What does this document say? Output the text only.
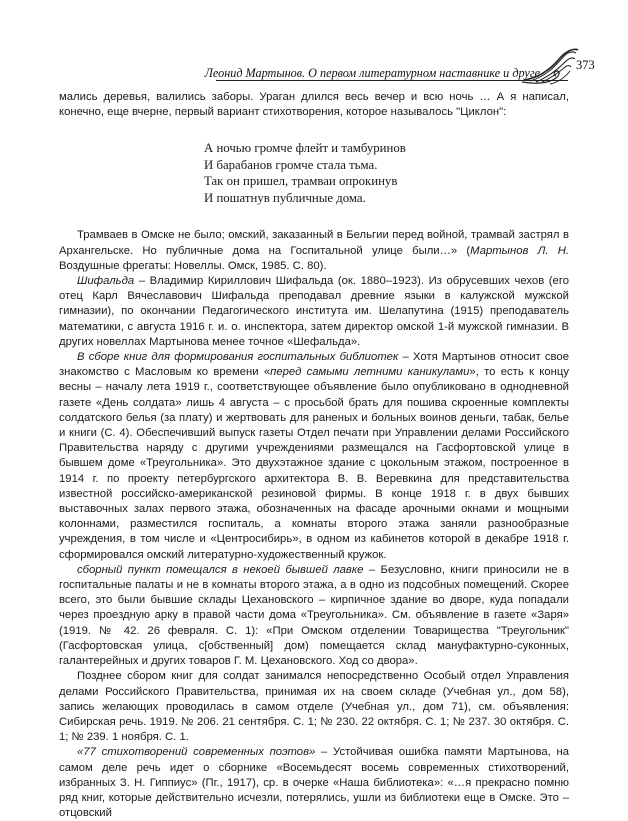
Леонид Мартынов. О первом литературном наставнике и друге
373

мались деревья, валились заборы. Ураган длился весь вечер и всю ночь … А я написал, конечно, еще вчерне, первый вариант стихотворения, которое называлось "Циклон":

А ночью громче флейт и тамбуринов
И барабанов громче стала тьма.
Так он пришел, трамваи опрокинув
И пошатнув публичные дома.

Трамваев в Омске не было; омский, заказанный в Бельгии перед войной, трамвай застрял в Архангельске. Но публичные дома на Госпитальной улице были…» (Мартынов Л. Н. Воздушные фрегаты: Новеллы. Омск, 1985. С. 80).

Шифальда – Владимир Кириллович Шифальда (ок. 1880–1923). Из обрусевших чехов (его отец Карл Вячеславович Шифальда преподавал древние языки в калужской мужской гимназии), по окончании Педагогического института им. Шелапутина (1915) преподаватель математики, с августа 1916 г. и. о. инспектора, затем директор омской 1-й мужской гимназии. В других новеллах Мартынова менее точное «Шефальда».

В сборе книг для формирования госпитальных библиотек – Хотя Мартынов относит свое знакомство с Масловым ко времени «перед самыми летними каникулами», то есть к концу весны – началу лета 1919 г., соответствующее объявление было опубликовано в однодневной газете «День солдата» лишь 4 августа – с просьбой брать для пошива скроенные комплекты солдатского белья (за плату) и жертвовать для раненых и больных воинов деньги, табак, белье и книги (С. 4). Обеспечивший выпуск газеты Отдел печати при Управлении делами Российского Правительства наряду с другими учреждениями размещался на Гасфортовской улице в бывшем доме «Треугольника». Это двухэтажное здание с цокольным этажом, построенное в 1914 г. по проекту петербургского архитектора В. В. Веревкина для представительства известной российско-американской резиновой фирмы. В конце 1918 г. в двух бывших выставочных залах первого этажа, обозначенных на фасаде арочными окнами и мощными колоннами, разместился госпиталь, а комнаты второго этажа заняли разнообразные учреждения, в том числе и «Центросибирь», в одном из кабинетов которой в декабре 1918 г. сформировался омский литературно-художественный кружок.

сборный пункт помещался в некоей бывшей лавке – Безусловно, книги приносили не в госпитальные палаты и не в комнаты второго этажа, а в одно из подсобных помещений. Скорее всего, это были бывшие склады Цехановского – кирпичное здание во дворе, куда попадали через проездную арку в правой части дома «Треугольника». См. объявление в газете «Заря» (1919. № 42. 26 февраля. С. 1): «При Омском отделении Товарищества "Треугольник" (Гасфортовская улица, с[обственный] дом) помещается склад мануфактурно-суконных, галантерейных и других товаров Г. М. Цехановского. Ход со двора».

Позднее сбором книг для солдат занимался непосредственно Особый отдел Управления делами Российского Правительства, принимая их на своем складе (Учебная ул., дом 58), запись желающих проводилась в самом отделе (Учебная ул., дом 71), см. объявления: Сибирская речь. 1919. № 206. 21 сентября. С. 1; № 230. 22 октября. С. 1; № 237. 30 октября. С. 1; № 239. 1 ноября. С. 1.

«77 стихотворений современных поэтов» – Устойчивая ошибка памяти Мартынова, на самом деле речь идет о сборнике «Восемьдесят восемь современных стихотворений, избранных З. Н. Гиппиус» (Пг., 1917), ср. в очерке «Наша библиотека»: «…я прекрасно помню ряд книг, которые действительно исчезли, потерялись, ушли из библиотеки еще в Омске. Это – отцовский
